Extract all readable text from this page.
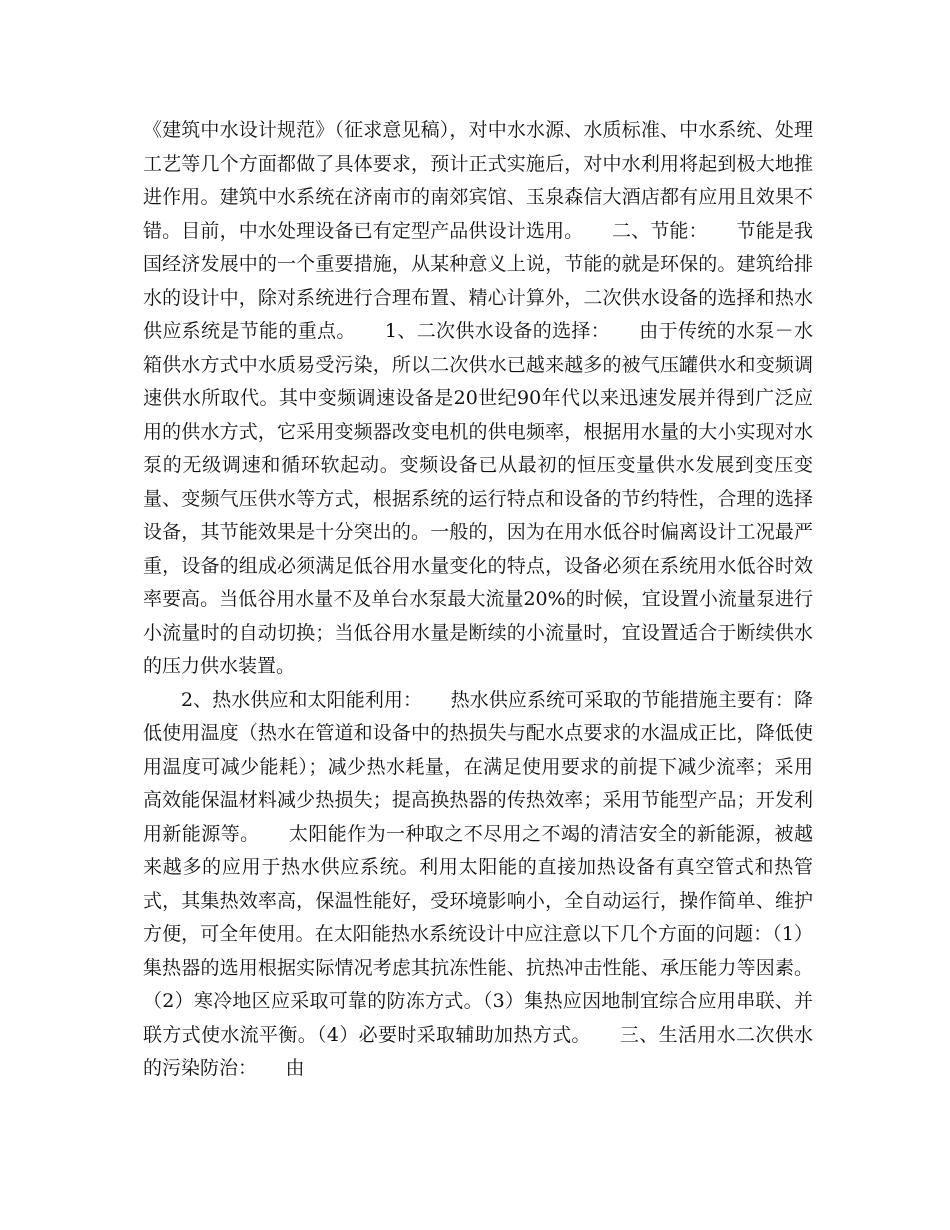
《建筑中水设计规范》（征求意见稿），对中水水源、水质标准、中水系统、处理工艺等几个方面都做了具体要求，预计正式实施后，对中水利用将起到极大地推进作用。建筑中水系统在济南市的南郊宾馆、玉泉森信大酒店都有应用且效果不错。目前，中水处理设备已有定型产品供设计选用。　　二、节能：　　节能是我国经济发展中的一个重要措施，从某种意义上说，节能的就是环保的。建筑给排水的设计中，除对系统进行合理布置、精心计算外，二次供水设备的选择和热水供应系统是节能的重点。　　1、二次供水设备的选择：　　由于传统的水泵－水箱供水方式中水质易受污染，所以二次供水已越来越多的被气压罐供水和变频调速供水所取代。其中变频调速设备是20世纪90年代以来迅速发展并得到广泛应用的供水方式，它采用变频器改变电机的供电频率，根据用水量的大小实现对水泵的无级调速和循环软起动。变频设备已从最初的恒压变量供水发展到变压变量、变频气压供水等方式，根据系统的运行特点和设备的节约特性，合理的选择设备，其节能效果是十分突出的。一般的，因为在用水低谷时偏离设计工况最严重，设备的组成必须满足低谷用水量变化的特点，设备必须在系统用水低谷时效率要高。当低谷用水量不及单台水泵最大流量20%的时候，宜设置小流量泵进行小流量时的自动切换；当低谷用水量是断续的小流量时，宜设置适合于断续供水的压力供水装置。

2、热水供应和太阳能利用：　　热水供应系统可采取的节能措施主要有：降低使用温度（热水在管道和设备中的热损失与配水点要求的水温成正比，降低使用温度可减少能耗）；减少热水耗量，在满足使用要求的前提下减少流率；采用高效能保温材料减少热损失；提高换热器的传热效率；采用节能型产品；开发利用新能源等。　　太阳能作为一种取之不尽用之不竭的清洁安全的新能源，被越来越多的应用于热水供应系统。利用太阳能的直接加热设备有真空管式和热管式，其集热效率高，保温性能好，受环境影响小，全自动运行，操作简单、维护方便，可全年使用。在太阳能热水系统设计中应注意以下几个方面的问题：（1）集热器的选用根据实际情况考虑其抗冻性能、抗热冲击性能、承压能力等因素。（2）寒冷地区应采取可靠的防冻方式。（3）集热应因地制宜综合应用串联、并联方式使水流平衡。（4）必要时采取辅助加热方式。　　三、生活用水二次供水的污染防治：　　由
